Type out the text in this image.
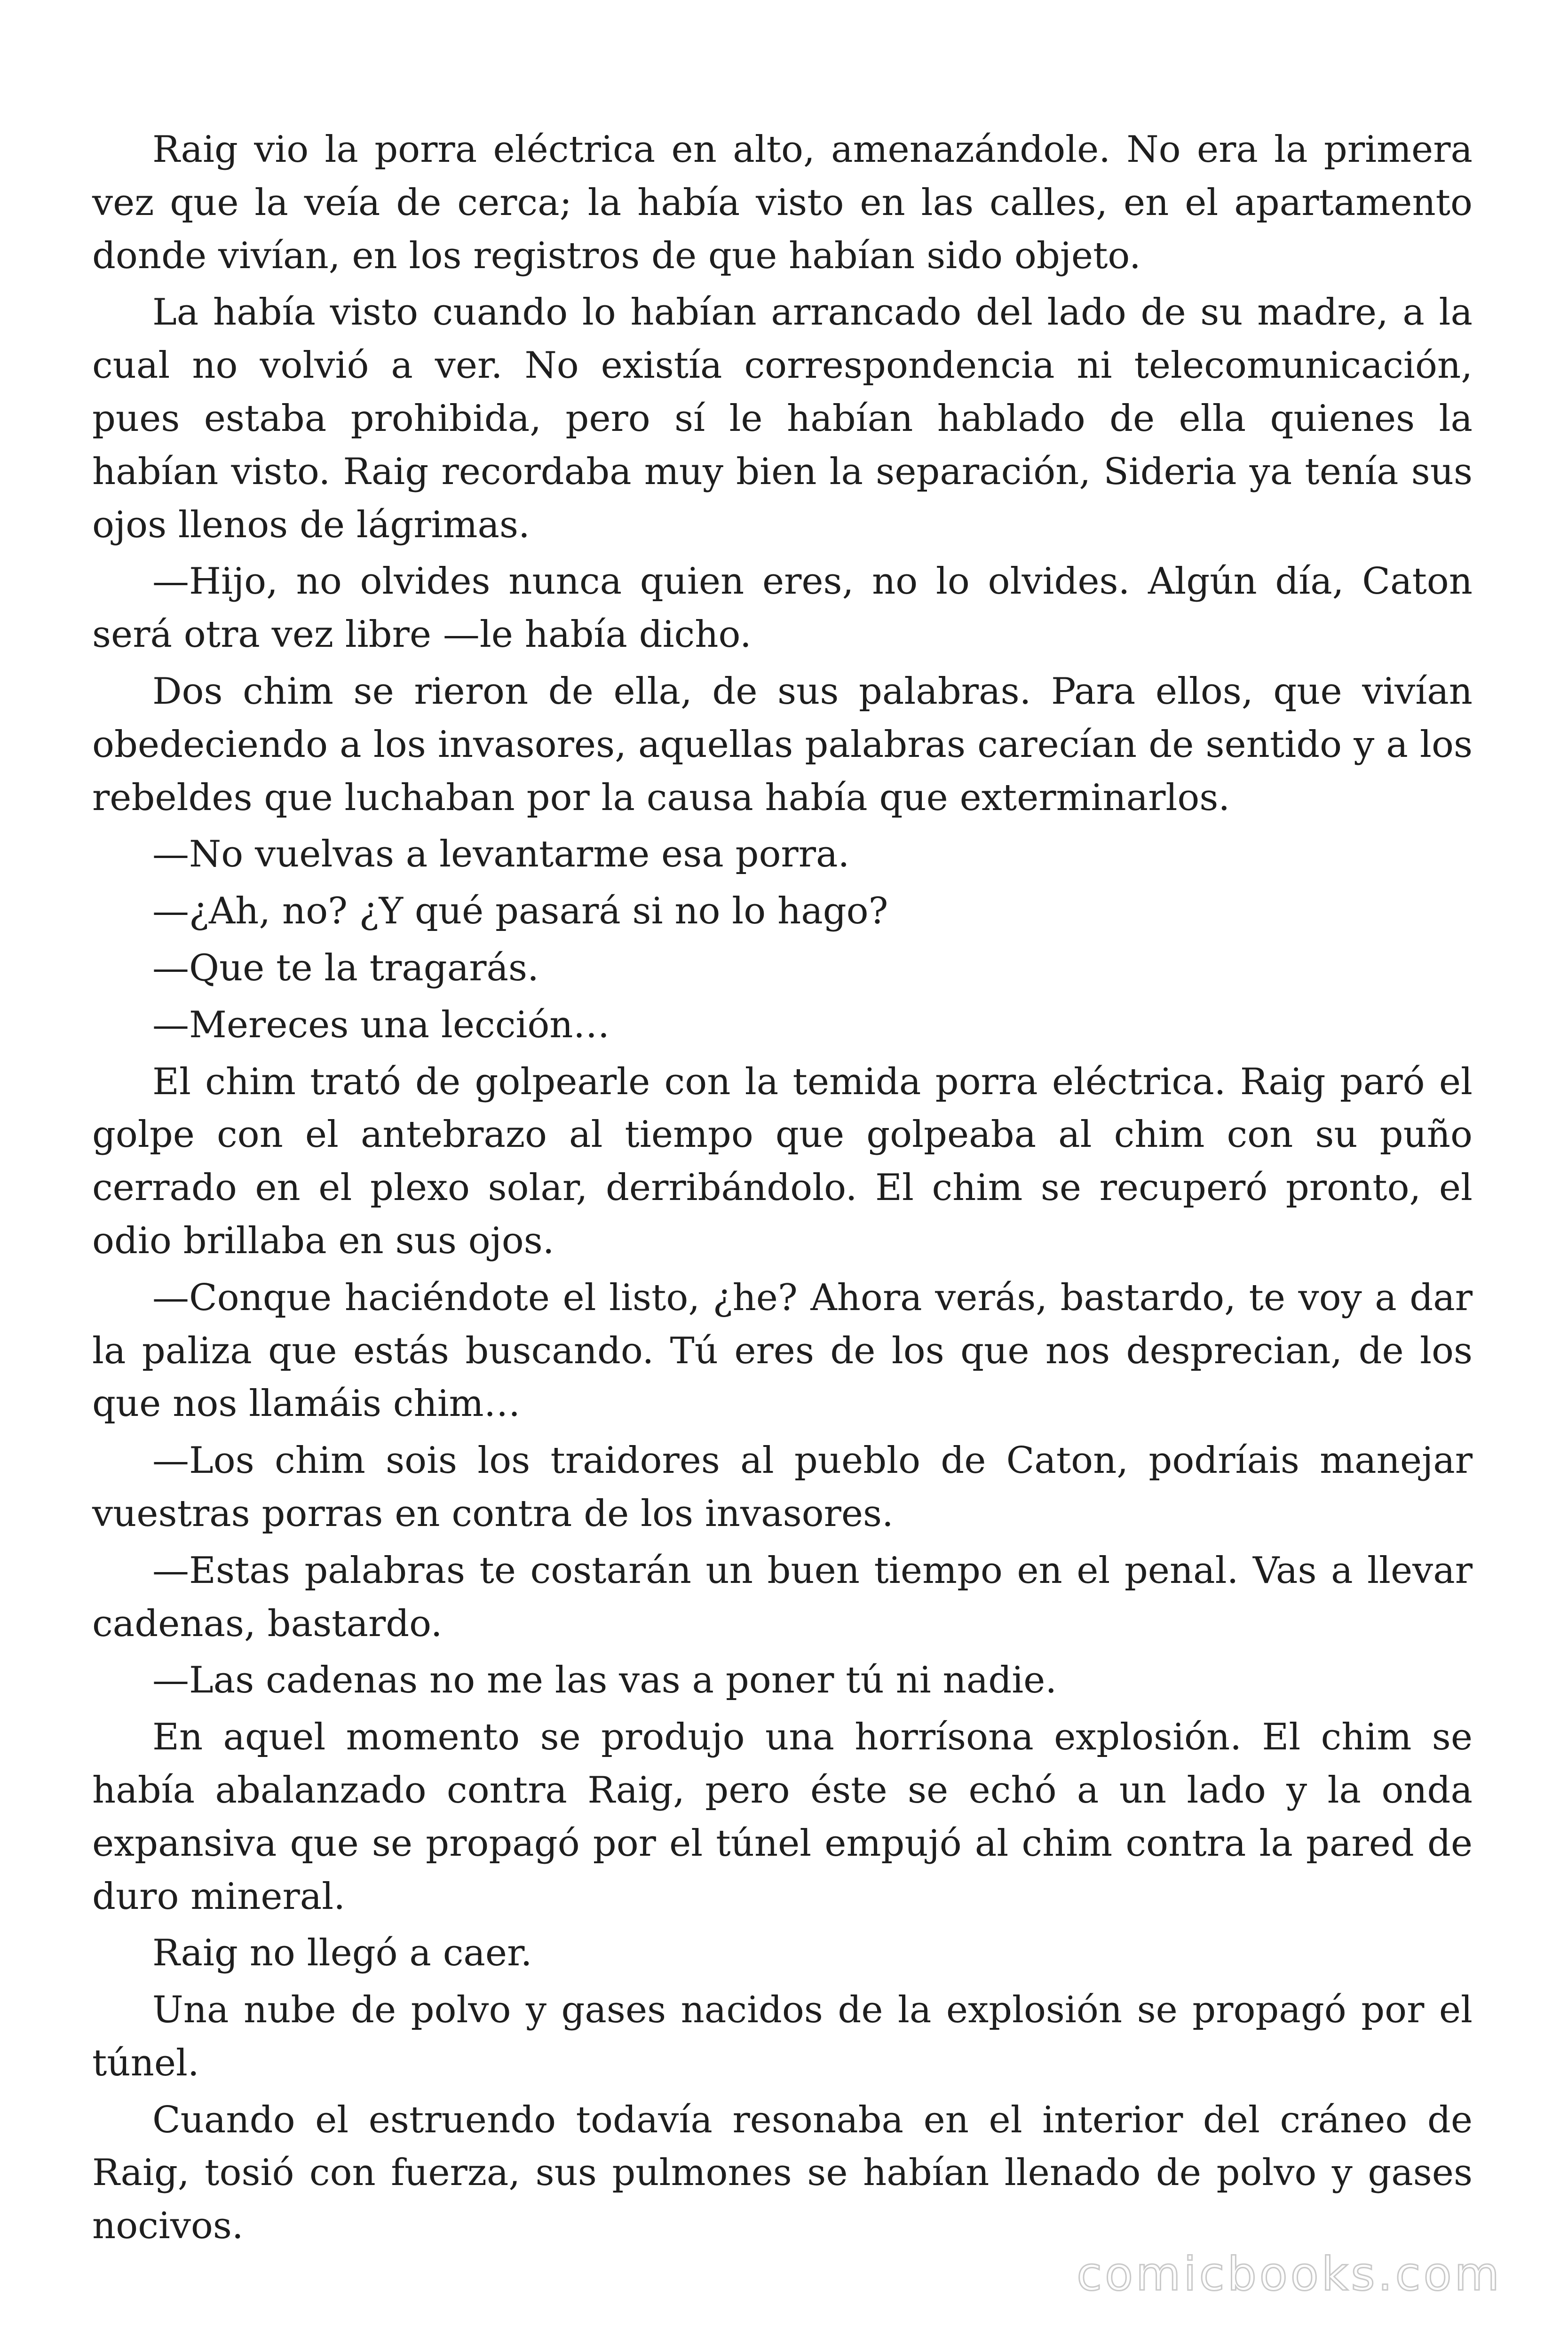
Raig vio la porra eléctrica en alto, amenazándole. No era la primera vez que la veía de cerca; la había visto en las calles, en el apartamento donde vivían, en los registros de que habían sido objeto.

La había visto cuando lo habían arrancado del lado de su madre, a la cual no volvió a ver. No existía correspondencia ni telecomunicación, pues estaba prohibida, pero sí le habían hablado de ella quienes la habían visto. Raig recordaba muy bien la separación, Sideria ya tenía sus ojos llenos de lágrimas.

—Hijo, no olvides nunca quien eres, no lo olvides. Algún día, Caton será otra vez libre —le había dicho.

Dos chim se rieron de ella, de sus palabras. Para ellos, que vivían obedeciendo a los invasores, aquellas palabras carecían de sentido y a los rebeldes que luchaban por la causa había que exterminarlos.

—No vuelvas a levantarme esa porra.

—¿Ah, no? ¿Y qué pasará si no lo hago?

—Que te la tragarás.

—Mereces una lección…

El chim trató de golpearle con la temida porra eléctrica. Raig paró el golpe con el antebrazo al tiempo que golpeaba al chim con su puño cerrado en el plexo solar, derribándolo. El chim se recuperó pronto, el odio brillaba en sus ojos.

—Conque haciéndote el listo, ¿he? Ahora verás, bastardo, te voy a dar la paliza que estás buscando. Tú eres de los que nos desprecian, de los que nos llamáis chim…

—Los chim sois los traidores al pueblo de Caton, podríais manejar vuestras porras en contra de los invasores.

—Estas palabras te costarán un buen tiempo en el penal. Vas a llevar cadenas, bastardo.

—Las cadenas no me las vas a poner tú ni nadie.

En aquel momento se produjo una horrísona explosión. El chim se había abalanzado contra Raig, pero éste se echó a un lado y la onda expansiva que se propagó por el túnel empujó al chim contra la pared de duro mineral.

Raig no llegó a caer.

Una nube de polvo y gases nacidos de la explosión se propagó por el túnel.

Cuando el estruendo todavía resonaba en el interior del cráneo de Raig, tosió con fuerza, sus pulmones se habían llenado de polvo y gases nocivos.

comicbooks.com
